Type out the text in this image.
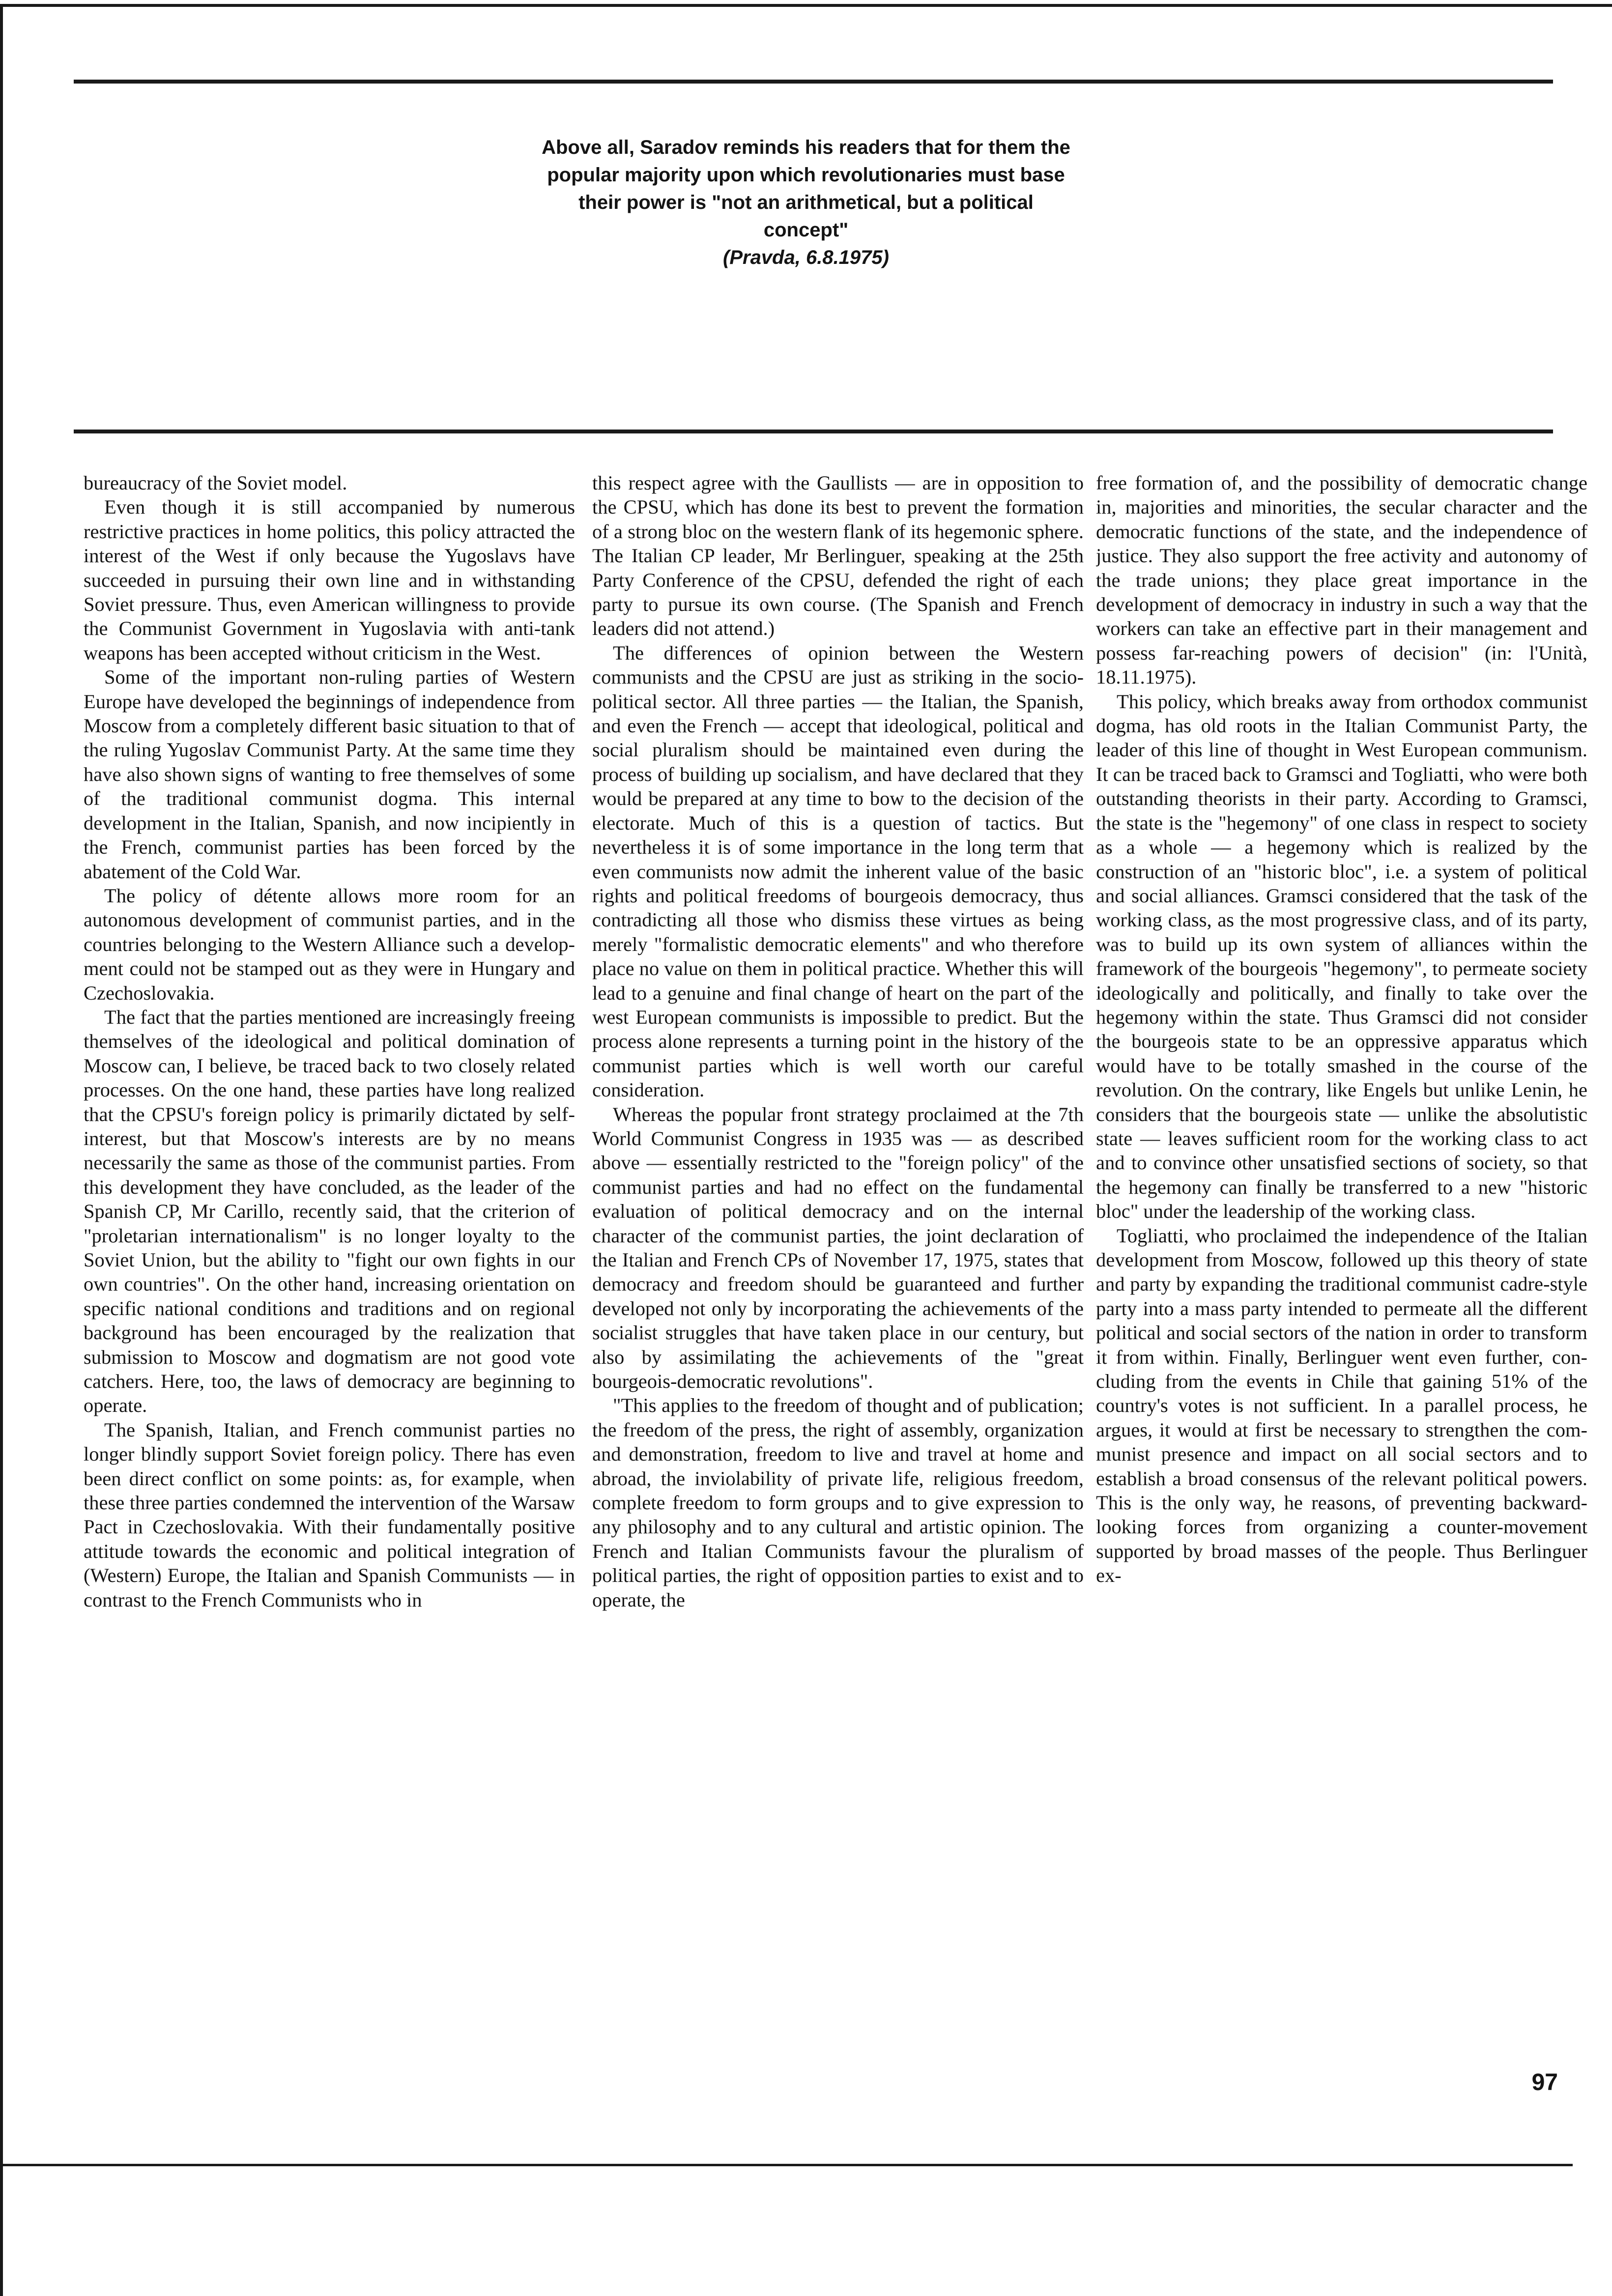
Above all, Saradov reminds his readers that for them the popular majority upon which revolutionaries must base their power is "not an arithmetical, but a political concept"
(Pravda, 6.8.1975)

bureaucracy of the Soviet model.

Even though it is still accompanied by numerous restrictive practices in home politics, this policy attracted the interest of the West if only because the Yugoslavs have succeeded in pursuing their own line and in withstanding Soviet pressure. Thus, even American willingness to provide the Communist Government in Yugoslavia with anti-tank weapons has been accepted without criticism in the West.

Some of the important non-ruling parties of Western Europe have developed the beginnings of independence from Moscow from a completely different basic situation to that of the ruling Yugoslav Communist Party. At the same time they have also shown signs of wanting to free themselves of some of the traditional communist dogma. This internal development in the Italian, Spanish, and now incipiently in the French, communist parties has been forced by the abatement of the Cold War.

The policy of détente allows more room for an autonomous development of communist parties, and in the countries belonging to the Western Alliance such a development could not be stamped out as they were in Hungary and Czechoslovakia.

The fact that the parties mentioned are increasingly freeing themselves of the ideological and political domination of Moscow can, I believe, be traced back to two closely related processes. On the one hand, these parties have long realized that the CPSU's foreign policy is primarily dictated by self-interest, but that Moscow's interests are by no means necessarily the same as those of the communist parties. From this development they have concluded, as the leader of the Spanish CP, Mr Carillo, recently said, that the criterion of "proletarian internationalism" is no longer loyalty to the Soviet Union, but the ability to "fight our own fights in our own countries". On the other hand, increasing orientation on specific national conditions and traditions and on regional background has been encouraged by the realization that submission to Moscow and dogmatism are not good vote catchers. Here, too, the laws of democracy are beginning to operate.

The Spanish, Italian, and French communist parties no longer blindly support Soviet foreign policy. There has even been direct conflict on some points: as, for example, when these three parties condemned the intervention of the Warsaw Pact in Czechoslovakia. With their fundamentally positive attitude towards the economic and political integration of (Western) Europe, the Italian and Spanish Communists — in contrast to the French Communists who in

this respect agree with the Gaullists — are in opposition to the CPSU, which has done its best to prevent the formation of a strong bloc on the western flank of its hegemonic sphere. The Italian CP leader, Mr Berlinguer, speaking at the 25th Party Conference of the CPSU, defended the right of each party to pursue its own course. (The Spanish and French leaders did not attend.)

The differences of opinion between the Western communists and the CPSU are just as striking in the socio-political sector. All three parties — the Italian, the Spanish, and even the French — accept that ideological, political and social pluralism should be maintained even during the process of building up socialism, and have declared that they would be prepared at any time to bow to the decision of the electorate. Much of this is a question of tactics. But nevertheless it is of some importance in the long term that even communists now admit the inherent value of the basic rights and political freedoms of bourgeois democracy, thus contradicting all those who dismiss these virtues as being merely "formalistic democratic elements" and who therefore place no value on them in political practice. Whether this will lead to a genuine and final change of heart on the part of the west European communists is impossible to predict. But the process alone represents a turning point in the history of the communist parties which is well worth our careful consideration.

Whereas the popular front strategy proclaimed at the 7th World Communist Congress in 1935 was — as described above — essentially restricted to the "foreign policy" of the communist parties and had no effect on the fundamental evaluation of political democracy and on the internal character of the communist parties, the joint declaration of the Italian and French CPs of November 17, 1975, states that democracy and freedom should be guaranteed and further developed not only by incorporating the achievements of the socialist struggles that have taken place in our century, but also by assimilating the achievements of the "great bourgeois-democratic revolutions".

"This applies to the freedom of thought and of publication; the freedom of the press, the right of assembly, organization and demonstration, freedom to live and travel at home and abroad, the inviolability of private life, religious freedom, complete freedom to form groups and to give expression to any philosophy and to any cultural and artistic opinion. The French and Italian Communists favour the pluralism of political parties, the right of opposition parties to exist and to operate, the

free formation of, and the possibility of democratic change in, majorities and minorities, the secular character and the democratic functions of the state, and the independence of justice. They also support the free activity and autonomy of the trade unions; they place great importance in the development of democracy in industry in such a way that the workers can take an effective part in their management and possess far-reaching powers of decision" (in: l'Unità, 18.11.1975).

This policy, which breaks away from orthodox communist dogma, has old roots in the Italian Communist Party, the leader of this line of thought in West European communism. It can be traced back to Gramsci and Togliatti, who were both outstanding theorists in their party. According to Gramsci, the state is the "hegemony" of one class in respect to society as a whole — a hegemony which is realized by the construction of an "historic bloc", i.e. a system of political and social alliances. Gramsci considered that the task of the working class, as the most progressive class, and of its party, was to build up its own system of alliances within the framework of the bourgeois "hegemony", to permeate society ideologically and politically, and finally to take over the hegemony within the state. Thus Gramsci did not consider the bourgeois state to be an oppressive apparatus which would have to be totally smashed in the course of the revolution. On the contrary, like Engels but unlike Lenin, he considers that the bourgeois state — unlike the absolutistic state — leaves sufficient room for the working class to act and to convince other unsatisfied sections of society, so that the hegemony can finally be transferred to a new "historic bloc" under the leadership of the working class.

Togliatti, who proclaimed the independence of the Italian development from Moscow, followed up this theory of state and party by expanding the traditional communist cadre-style party into a mass party intended to permeate all the different political and social sectors of the nation in order to transform it from within. Finally, Berlinguer went even further, concluding from the events in Chile that gaining 51% of the country's votes is not sufficient. In a parallel process, he argues, it would at first be necessary to strengthen the communist presence and impact on all social sectors and to establish a broad consensus of the relevant political powers. This is the only way, he reasons, of preventing backward-looking forces from organizing a counter-movement supported by broad masses of the people. Thus Berlinguer ex-

97
